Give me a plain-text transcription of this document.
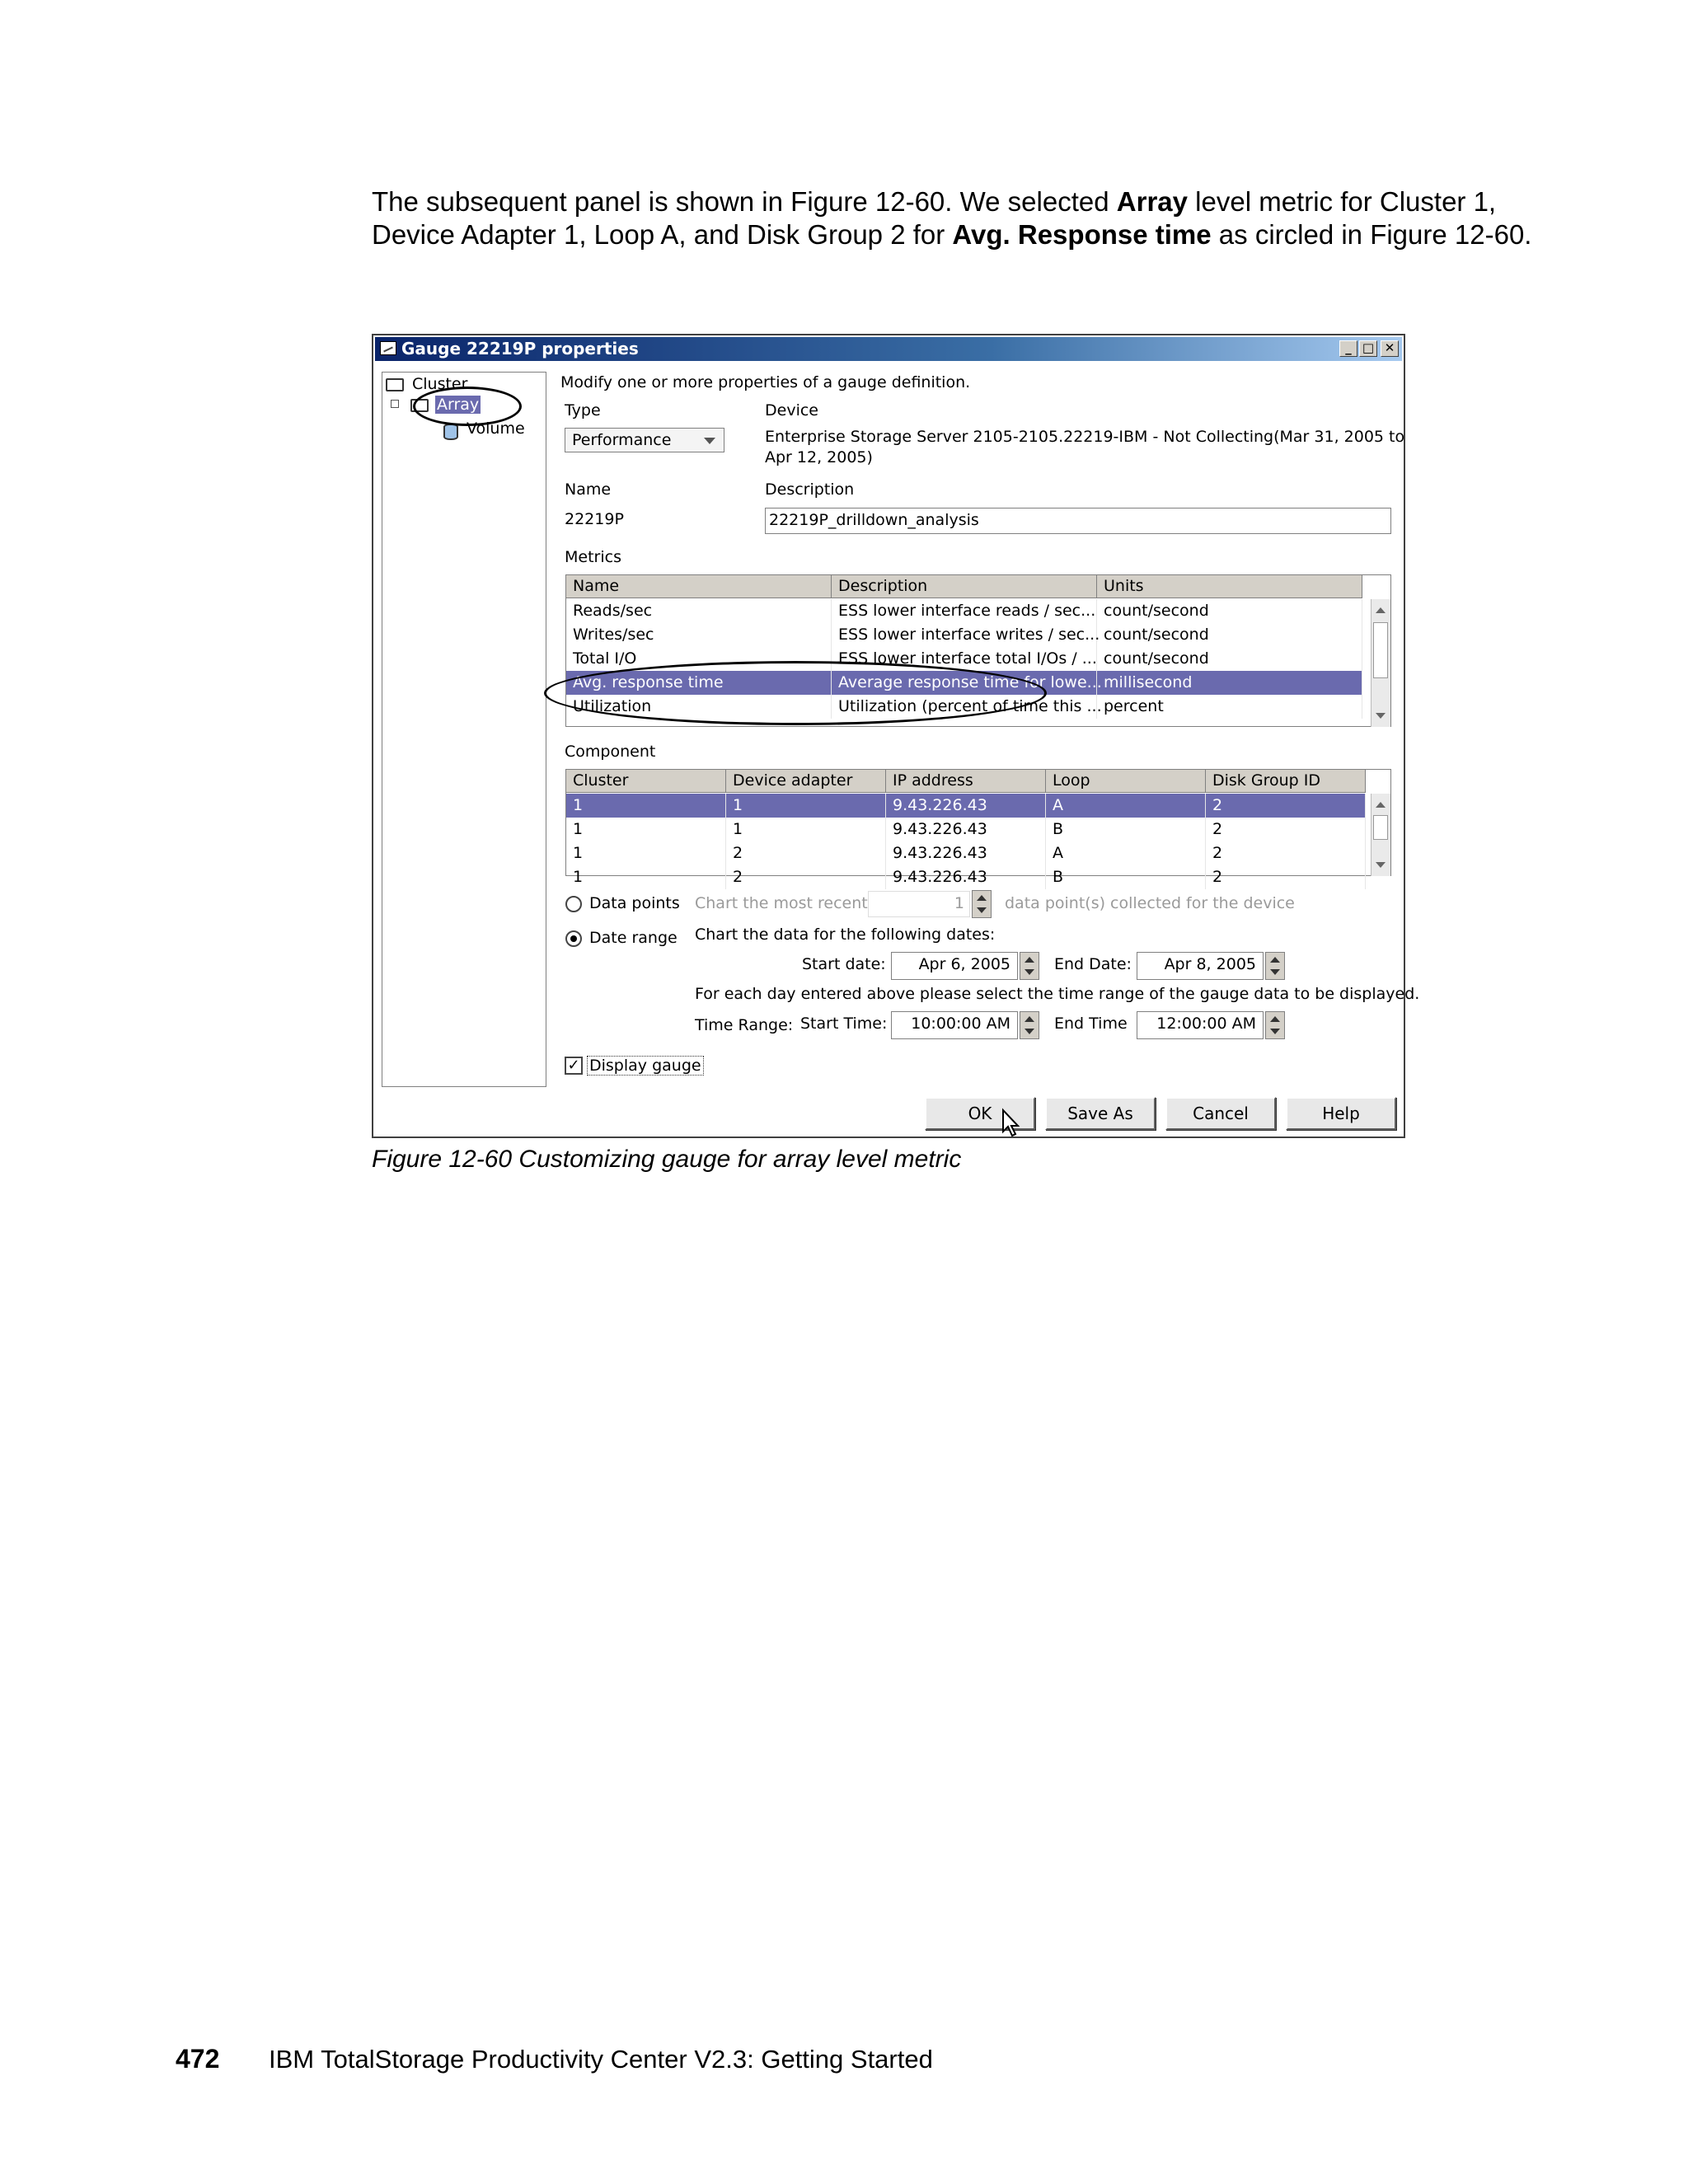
The subsequent panel is shown in Figure 12-60. We selected Array level metric for Cluster 1, Device Adapter 1, Loop A, and Disk Group 2 for Avg. Response time as circled in Figure 12-60.
Gauge 22219P properties	_ □ ✕
Cluster
Array
Volume
Modify one or more properties of a gauge definition.
Type
Performance
Device
Enterprise Storage Server 2105-2105.22219-IBM - Not Collecting(Mar 31, 2005 to
Apr 12, 2005)
Name
22219P
Description
22219P_drilldown_analysis
Metrics
Name	Description	Units
Reads/sec	ESS lower interface reads / sec... count/second
Writes/sec	ESS lower interface writes / sec... count/second
Total I/O	ESS lower interface total I/Os / ... count/second
Avg. response time	Average response time for lowe... millisecond
Utilization	Utilization (percent of time this ... percent
Component
Cluster	Device adapter	IP address	Loop	Disk Group ID
1	1	9.43.226.43	A	2
1	1	9.43.226.43	B	2
1	2	9.43.226.43	A	2
1	2	9.43.226.43	B	2
Data points Chart the most recent	1	data point(s) collected for the device
Date range Chart the data for the following dates:
Start date:	Apr 6, 2005	End Date:	Apr 8, 2005
For each day entered above please select the time range of the gauge data to be displayed.
Time Range: Start Time:	10:00:00 AM	End Time	12:00:00 AM
✓ Display gauge
OK	Save As	Cancel	Help
Figure 12-60 Customizing gauge for array level metric
472 IBM TotalStorage Productivity Center V2.3: Getting Started
